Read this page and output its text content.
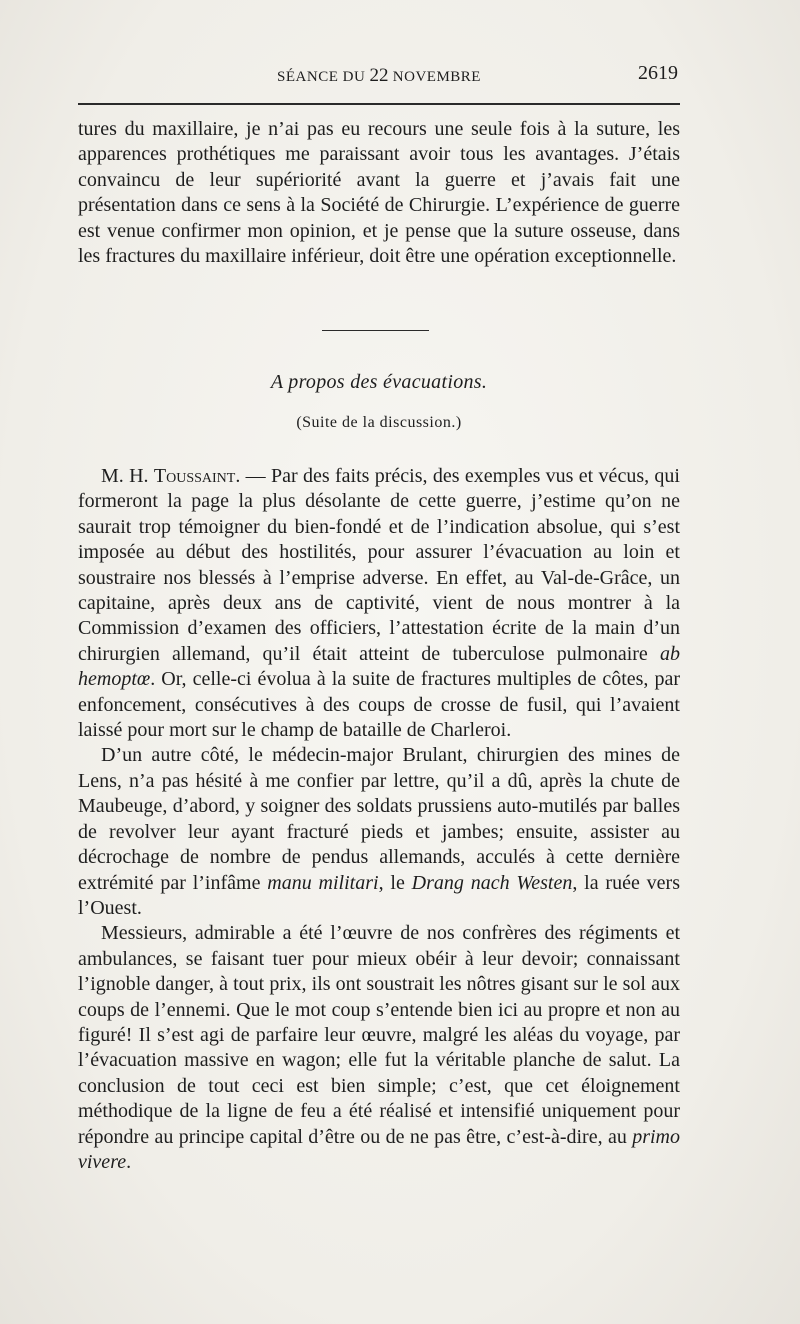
SÉANCE DU 22 NOVEMBRE	2619

tures du maxillaire, je n’ai pas eu recours une seule fois à la suture, les apparences prothétiques me paraissant avoir tous les avantages. J’étais convaincu de leur supériorité avant la guerre et j’avais fait une présentation dans ce sens à la Société de Chirurgie. L’expérience de guerre est venue confirmer mon opinion, et je pense que la suture osseuse, dans les fractures du maxillaire inférieur, doit être une opération exceptionnelle.

A propos des évacuations.
(Suite de la discussion.)

M. H. Toussaint. — Par des faits précis, des exemples vus et vécus, qui formeront la page la plus désolante de cette guerre, j’estime qu’on ne saurait trop témoigner du bien-fondé et de l’indication absolue, qui s’est imposée au début des hostilités, pour assurer l’évacuation au loin et soustraire nos blessés à l’emprise adverse. En effet, au Val-de-Grâce, un capitaine, après deux ans de captivité, vient de nous montrer à la Commission d’examen des officiers, l’attestation écrite de la main d’un chirurgien allemand, qu’il était atteint de tuberculose pulmonaire ab hemoptœ. Or, celle-ci évolua à la suite de fractures multiples de côtes, par enfoncement, consécutives à des coups de crosse de fusil, qui l’avaient laissé pour mort sur le champ de bataille de Charleroi.

D’un autre côté, le médecin-major Brulant, chirurgien des mines de Lens, n’a pas hésité à me confier par lettre, qu’il a dû, après la chute de Maubeuge, d’abord, y soigner des soldats prussiens auto-mutilés par balles de revolver leur ayant fracturé pieds et jambes; ensuite, assister au décrochage de nombre de pendus allemands, acculés à cette dernière extrémité par l’infâme manu militari, le Drang nach Westen, la ruée vers l’Ouest.

Messieurs, admirable a été l’œuvre de nos confrères des régiments et ambulances, se faisant tuer pour mieux obéir à leur devoir; connaissant l’ignoble danger, à tout prix, ils ont soustrait les nôtres gisant sur le sol aux coups de l’ennemi. Que le mot coup s’entende bien ici au propre et non au figuré! Il s’est agi de parfaire leur œuvre, malgré les aléas du voyage, par l’évacuation massive en wagon; elle fut la véritable planche de salut. La conclusion de tout ceci est bien simple; c’est, que cet éloignement méthodique de la ligne de feu a été réalisé et intensifié uniquement pour répondre au principe capital d’être ou de ne pas être, c’est-à-dire, au primo vivere.
